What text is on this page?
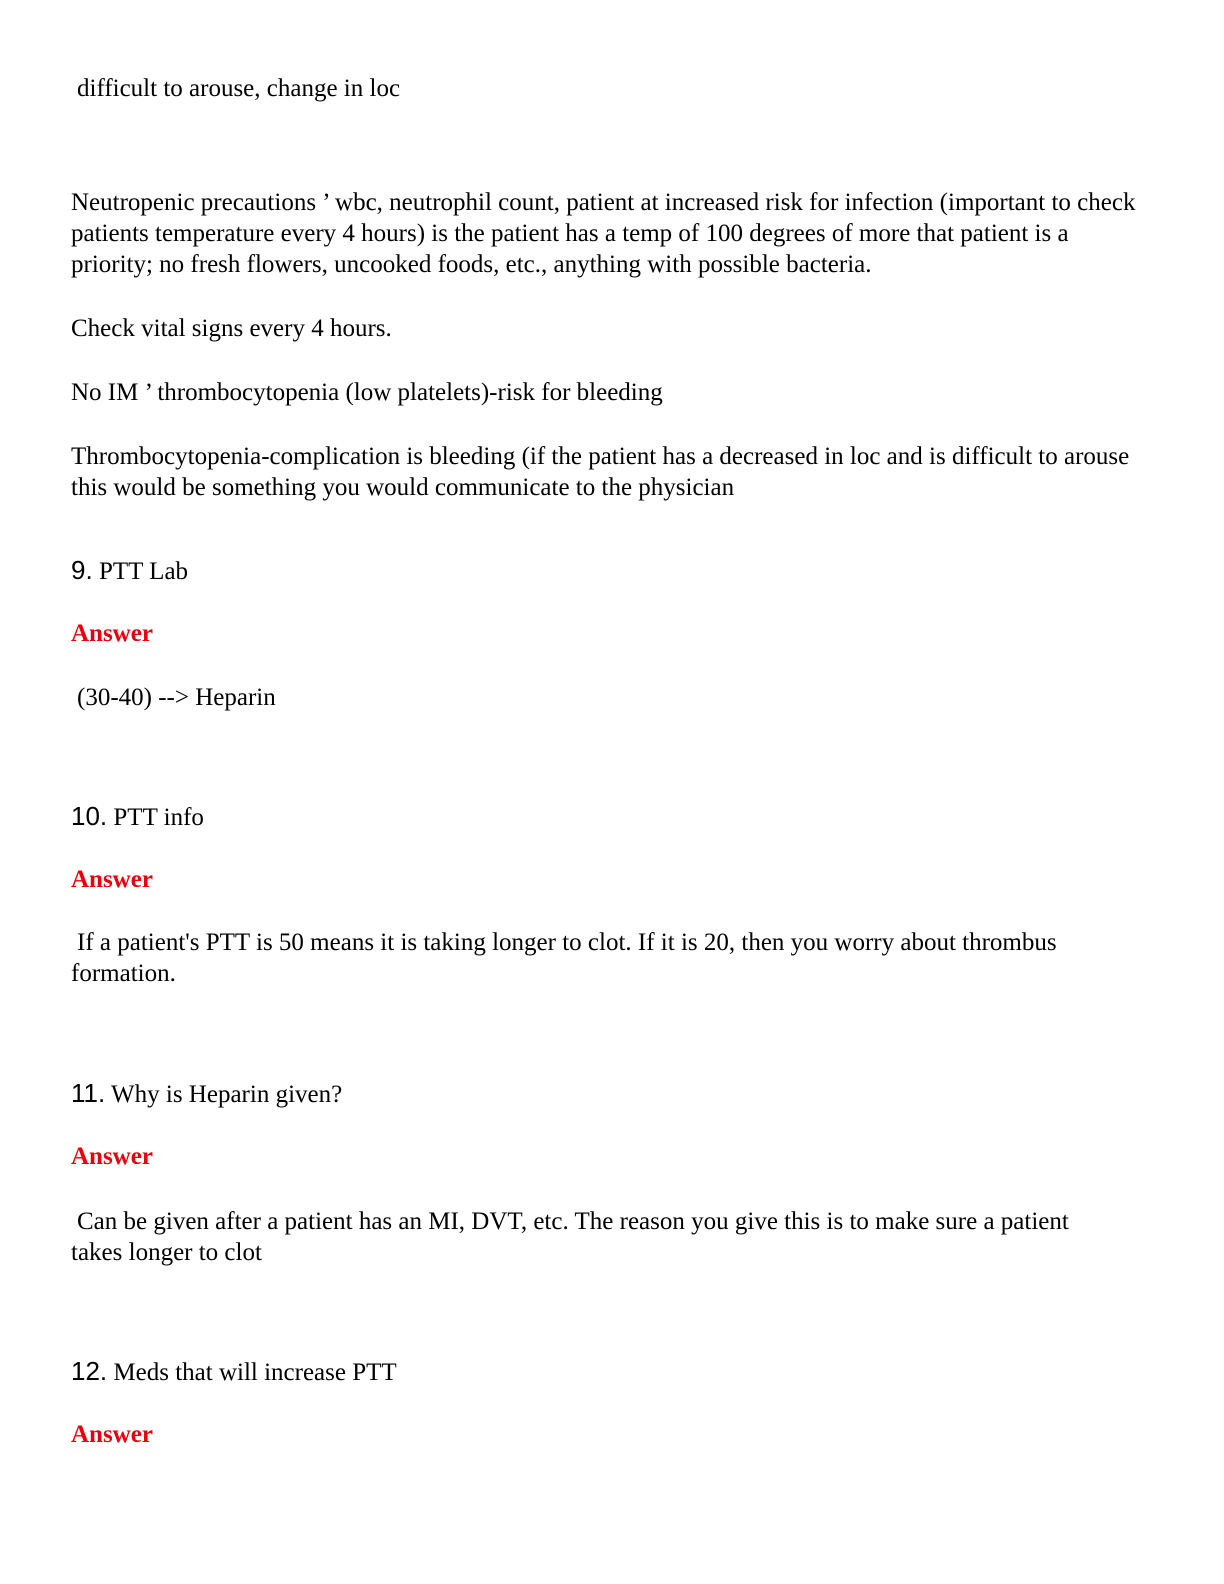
difficult to arouse, change in loc

Neutropenic precautions ’ wbc, neutrophil count, patient at increased risk for infection (important to check patients temperature every 4 hours) is the patient has a temp of 100 degrees of more that patient is a priority; no fresh flowers, uncooked foods, etc., anything with possible bacteria.

Check vital signs every 4 hours.

No IM ’ thrombocytopenia (low platelets)-risk for bleeding

Thrombocytopenia-complication is bleeding (if the patient has a decreased in loc and is difficult to arouse this would be something you would communicate to the physician

9. PTT Lab

Answer

(30-40) --> Heparin

10. PTT info

Answer

If a patient's PTT is 50 means it is taking longer to clot. If it is 20, then you worry about thrombus formation.

11. Why is Heparin given?

Answer

Can be given after a patient has an MI, DVT, etc. The reason you give this is to make sure a patient takes longer to clot

12. Meds that will increase PTT

Answer
